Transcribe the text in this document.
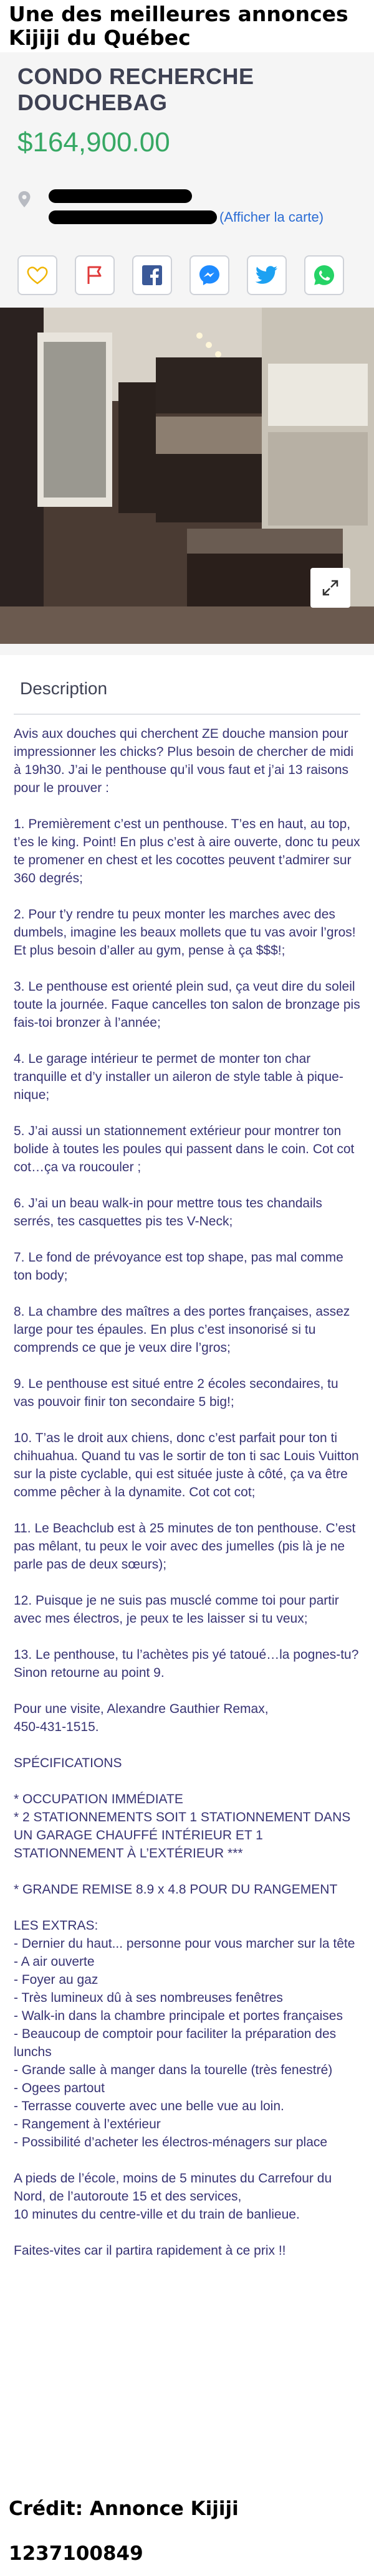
Une des meilleures annonces
Kijiji du Québec
CONDO RECHERCHE DOUCHEBAG
$164,900.00
(Afficher la carte)
Description

Avis aux douches qui cherchent ZE douche mansion pour impressionner les chicks? Plus besoin de chercher de midi à 19h30. J’ai le penthouse qu’il vous faut et j’ai 13 raisons pour le prouver :

1. Premièrement c’est un penthouse. T’es en haut, au top, t’es le king. Point! En plus c’est à aire ouverte, donc tu peux te promener en chest et les cocottes peuvent t’admirer sur 360 degrés;

2. Pour t’y rendre tu peux monter les marches avec des dumbels, imagine les beaux mollets que tu vas avoir l’gros! Et plus besoin d’aller au gym, pense à ça $$$!;

3. Le penthouse est orienté plein sud, ça veut dire du soleil toute la journée. Faque cancelles ton salon de bronzage pis fais-toi bronzer à l’année;

4. Le garage intérieur te permet de monter ton char tranquille et d’y installer un aileron de style table à pique-nique;

5. J’ai aussi un stationnement extérieur pour montrer ton bolide à toutes les poules qui passent dans le coin. Cot cot cot…ça va roucouler ;

6. J’ai un beau walk-in pour mettre tous tes chandails serrés, tes casquettes pis tes V-Neck;

7. Le fond de prévoyance est top shape, pas mal comme ton body;

8. La chambre des maîtres a des portes françaises, assez large pour tes épaules. En plus c’est insonorisé si tu comprends ce que je veux dire l’gros;

9. Le penthouse est situé entre 2 écoles secondaires, tu vas pouvoir finir ton secondaire 5 big!;

10. T’as le droit aux chiens, donc c’est parfait pour ton ti chihuahua. Quand tu vas le sortir de ton ti sac Louis Vuitton sur la piste cyclable, qui est située juste à côté, ça va être comme pêcher à la dynamite. Cot cot cot;

11. Le Beachclub est à 25 minutes de ton penthouse. C’est pas mêlant, tu peux le voir avec des jumelles (pis là je ne parle pas de deux sœurs);

12. Puisque je ne suis pas musclé comme toi pour partir avec mes électros, je peux te les laisser si tu veux;

13. Le penthouse, tu l’achètes pis yé tatoué…la pognes-tu? Sinon retourne au point 9.

Pour une visite, Alexandre Gauthier Remax,
450-431-1515.

SPÉCIFICATIONS

* OCCUPATION IMMÉDIATE
* 2 STATIONNEMENTS SOIT 1 STATIONNEMENT DANS UN GARAGE CHAUFFÉ INTÉRIEUR ET 1 STATIONNEMENT À L’EXTÉRIEUR ***

* GRANDE REMISE 8.9 x 4.8 POUR DU RANGEMENT

LES EXTRAS:
- Dernier du haut... personne pour vous marcher sur la tête
- A air ouverte
- Foyer au gaz
- Très lumineux dû à ses nombreuses fenêtres
- Walk-in dans la chambre principale et portes françaises
- Beaucoup de comptoir pour faciliter la préparation des lunchs
- Grande salle à manger dans la tourelle (très fenestré)
- Ogees partout
- Terrasse couverte avec une belle vue au loin.
- Rangement à l’extérieur
- Possibilité d’acheter les électros-ménagers sur place

A pieds de l’école, moins de 5 minutes du Carrefour du Nord, de l’autoroute 15 et des services,
10 minutes du centre-ville et du train de banlieue.

Faites-vites car il partira rapidement à ce prix !!

Crédit: Annonce Kijiji 1237100849
